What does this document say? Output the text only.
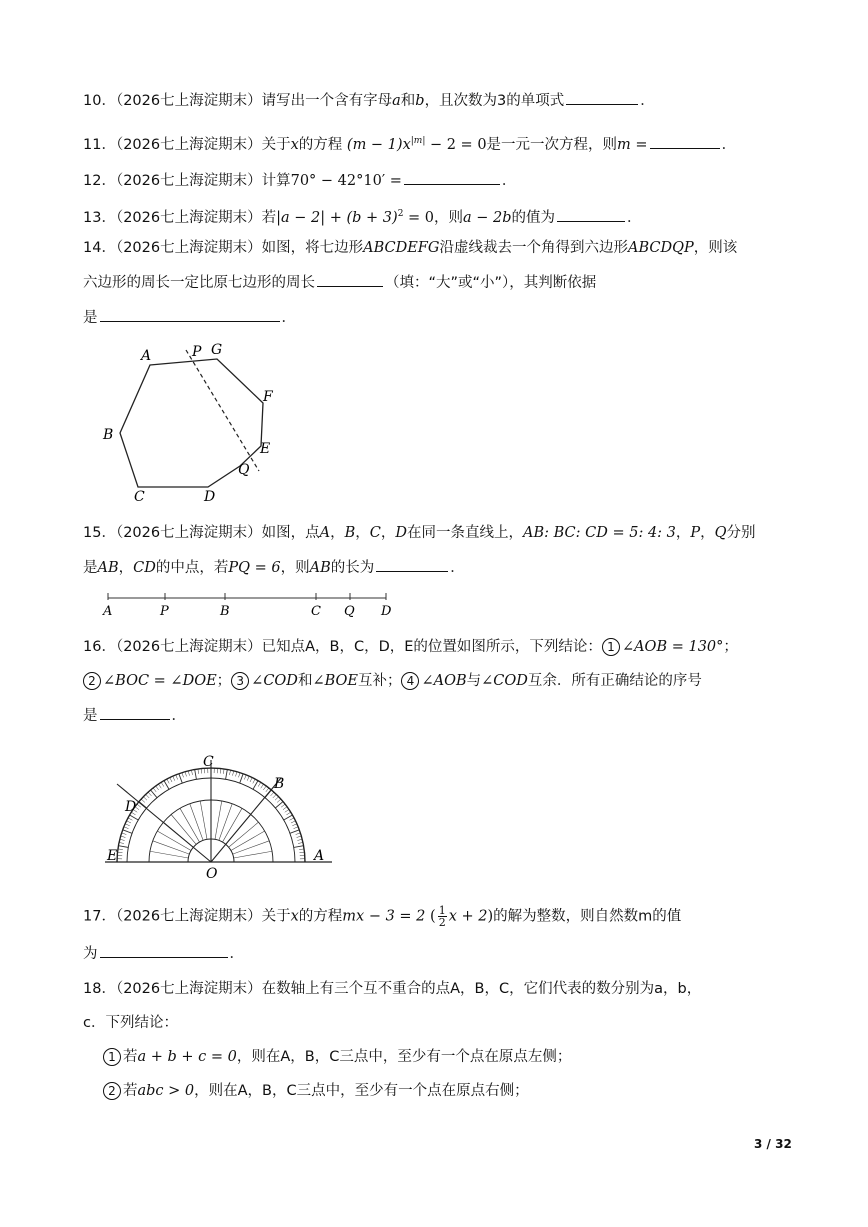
10．（2026七上海淀期末）请写出一个含有字母a和b，且次数为3的单项式	．
11．（2026七上海淀期末）关于x的方程 $(m - 1)x^{|m|} - 2 = 0$是一元一次方程，则m =	．
12．（2026七上海淀期末）计算70° − 42°10′ =	．
13．（2026七上海淀期末）若$|a - 2| + (b + 3)^2 = 0$，则a − 2b的值为	．
14．（2026七上海淀期末）如图，将七边形ABCDEFG沿虚线裁去一个角得到六边形ABCDQP，则该
六边形的周长一定比原七边形的周长	（填：“大”或“小”），其判断依据
是	．
A	P G
F
E
Q
B
C	D
15．（2026七上海淀期末）如图，点A，B，C，D在同一条直线上，AB: BC: CD = 5: 4: 3，P，Q分别
是AB，CD的中点，若PQ = 6，则AB的长为	．
A	P	B	C Q D
16．（2026七上海淀期末）已知点A，B，C，D，E的位置如图所示，下列结论： 1 ∠AOB = 130°；
2 ∠BOC = ∠DOE； 3 ∠COD和∠BOE互补； 4 ∠AOB与∠COD互余．所有正确结论的序号
是	．
C
B
D
E	A
O
17．（2026七上海淀期末）关于x的方程mx − 3 = 2 ( $\frac{1}{2}$ x + 2)的解为整数，则自然数m的值
为	．
18．（2026七上海淀期末）在数轴上有三个互不重合的点A，B，C，它们代表的数分别为a，b，
c．下列结论：
1 若a + b + c = 0，则在A，B，C三点中，至少有一个点在原点左侧；
2 若abc > 0，则在A，B，C三点中，至少有一个点在原点右侧；
3 / 32
